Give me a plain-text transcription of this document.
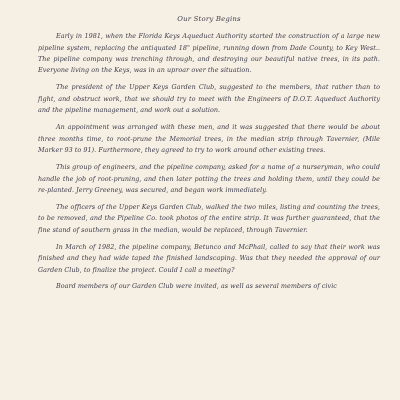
Our Story Begins

Early in 1981, when the Florida Keys Aqueduct Authority started the construction of a large new pipeline system, replacing the antiquated 18" pipeline, running down from Dade County, to Key West.. The pipeline company was trenching through, and destroying our beautiful native trees, in its path. Everyone living on the Keys, was in an uproar over the situation.

The president of the Upper Keys Garden Club, suggested to the members, that rather than to fight, and obstruct work, that we should try to meet with the Engineers of D.O.T. Aqueduct Authority and the pipeline management, and work out a solution.

An appointment was arranged with these men, and it was suggested that there would be about three months time, to root-prune the Memorial trees, in the median strip through Tavernier, (Mile Marker 93 to 91). Furthermore, they agreed to try to work around other existing trees.

This group of engineers, and the pipeline company, asked for a name of a nurseryman, who could handle the job of root-pruning, and then later potting the trees and holding them, until they could be re-planted. Jerry Greeney, was secured, and began work immediately.

The officers of the Upper Keys Garden Club, walked the two miles, listing and counting the trees, to be removed, and the Pipeline Co. took photos of the entire strip. It was further guaranteed, that the fine stand of southern grass in the median, would be replaced, through Tavernier.

In March of 1982, the pipeline company, Betunco and McPhail, called to say that their work was finished and they had wide taped the finished landscaping. Was that they needed the approval of our Garden Club, to finalize the project. Could I call a meeting?

Board members of our Garden Club were invited, as well as several members of civic
